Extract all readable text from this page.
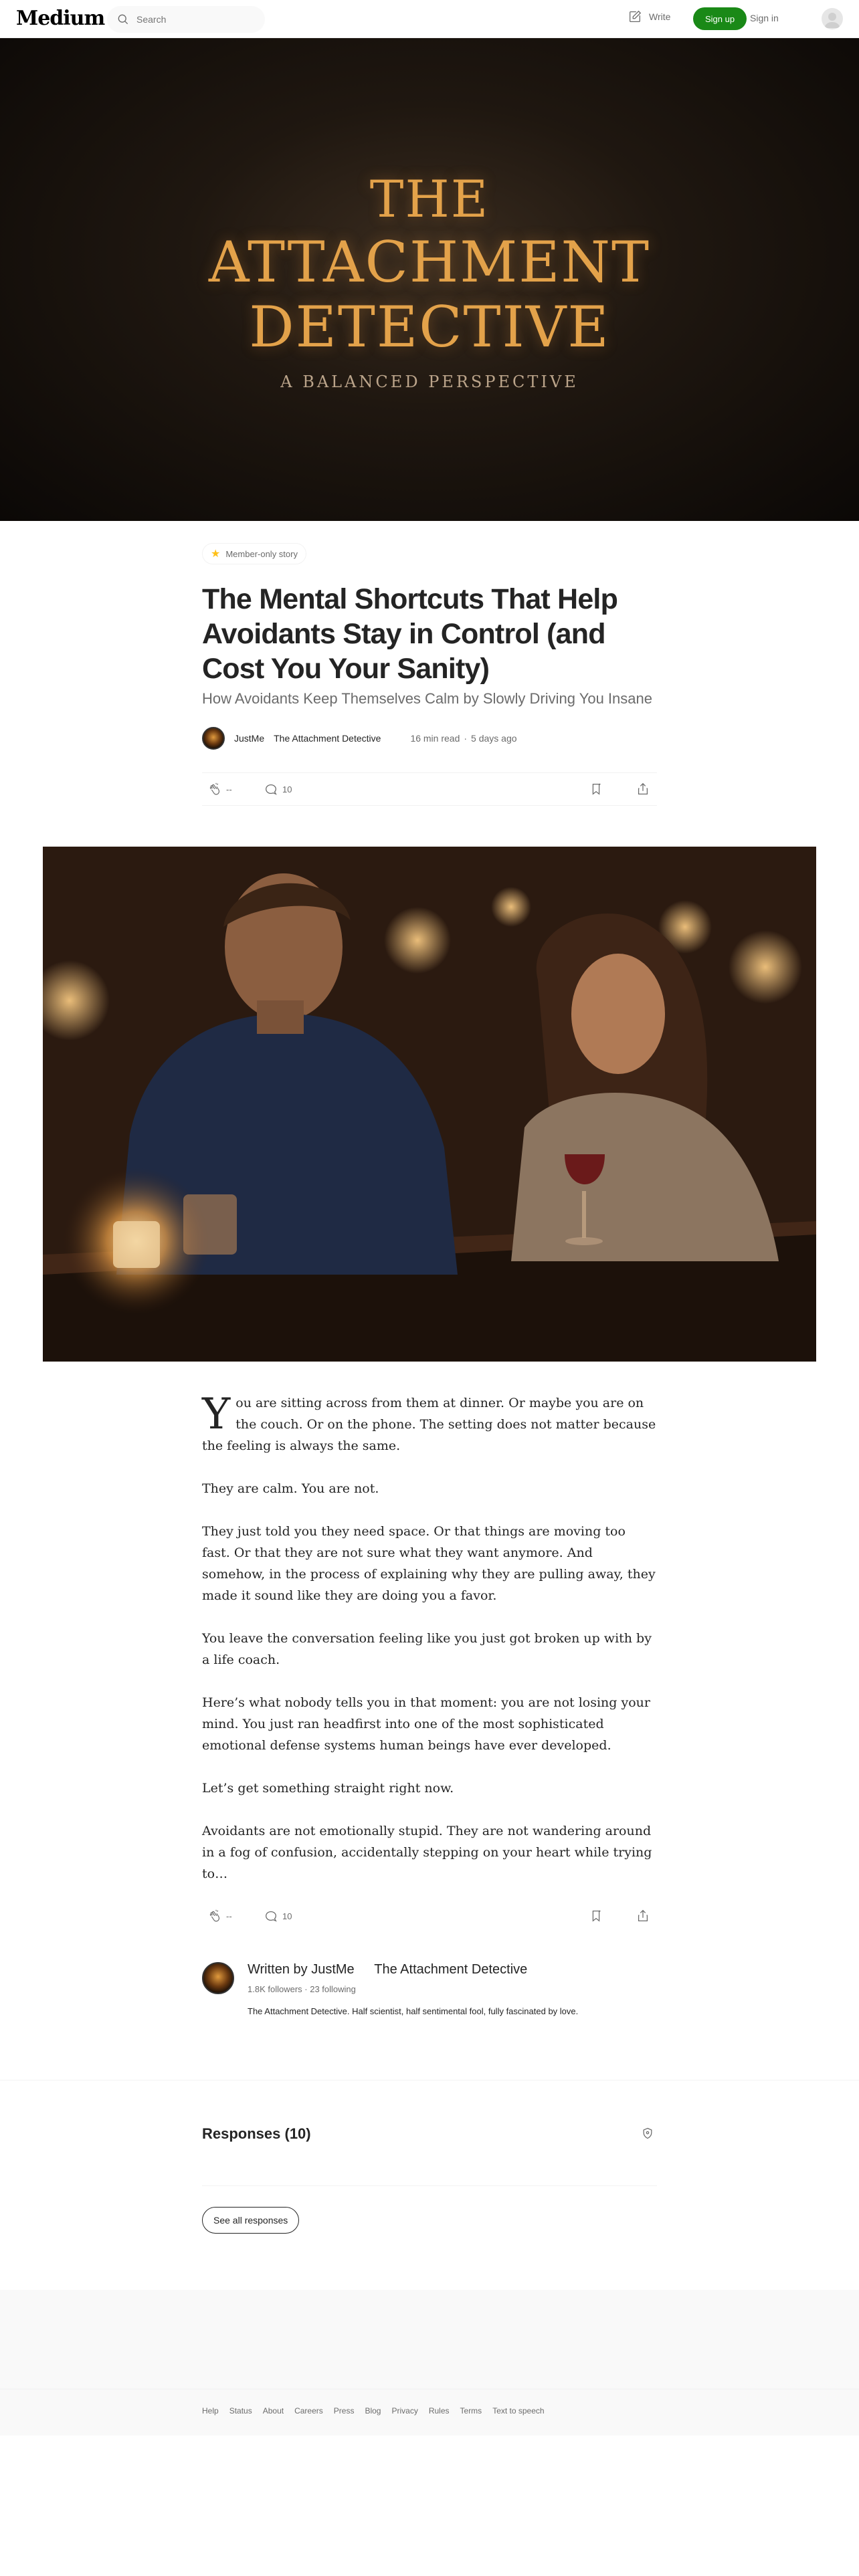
Medium
Search	Write	Sign up	Sign in
THE
ATTACHMENT
DETECTIVE
A BALANCED PERSPECTIVE
★ Member-only story
The Mental Shortcuts That Help Avoidants Stay in Control (and Cost You Your Sanity)
How Avoidants Keep Themselves Calm by Slowly Driving You Insane
JustMe The Attachment Detective	16 min read · 5 days ago
--	10

You are sitting across from them at dinner. Or maybe you are on the couch. Or on the phone. The setting does not matter because the feeling is always the same.

They are calm. You are not.

They just told you they need space. Or that things are moving too fast. Or that they are not sure what they want anymore. And somehow, in the process of explaining why they are pulling away, they made it sound like they are doing you a favor.

You leave the conversation feeling like you just got broken up with by a life coach.

Here’s what nobody tells you in that moment: you are not losing your mind. You just ran headfirst into one of the most sophisticated emotional defense systems human beings have ever developed.

Let’s get something straight right now.

Avoidants are not emotionally stupid. They are not wandering around in a fog of confusion, accidentally stepping on your heart while trying to…

--	10
Written by JustMe The Attachment Detective
1.8K followers · 23 following
The Attachment Detective. Half scientist, half sentimental fool, fully fascinated by love.
Responses (10)
See all responses
Help Status About Careers Press Blog Privacy Rules Terms Text to speech
